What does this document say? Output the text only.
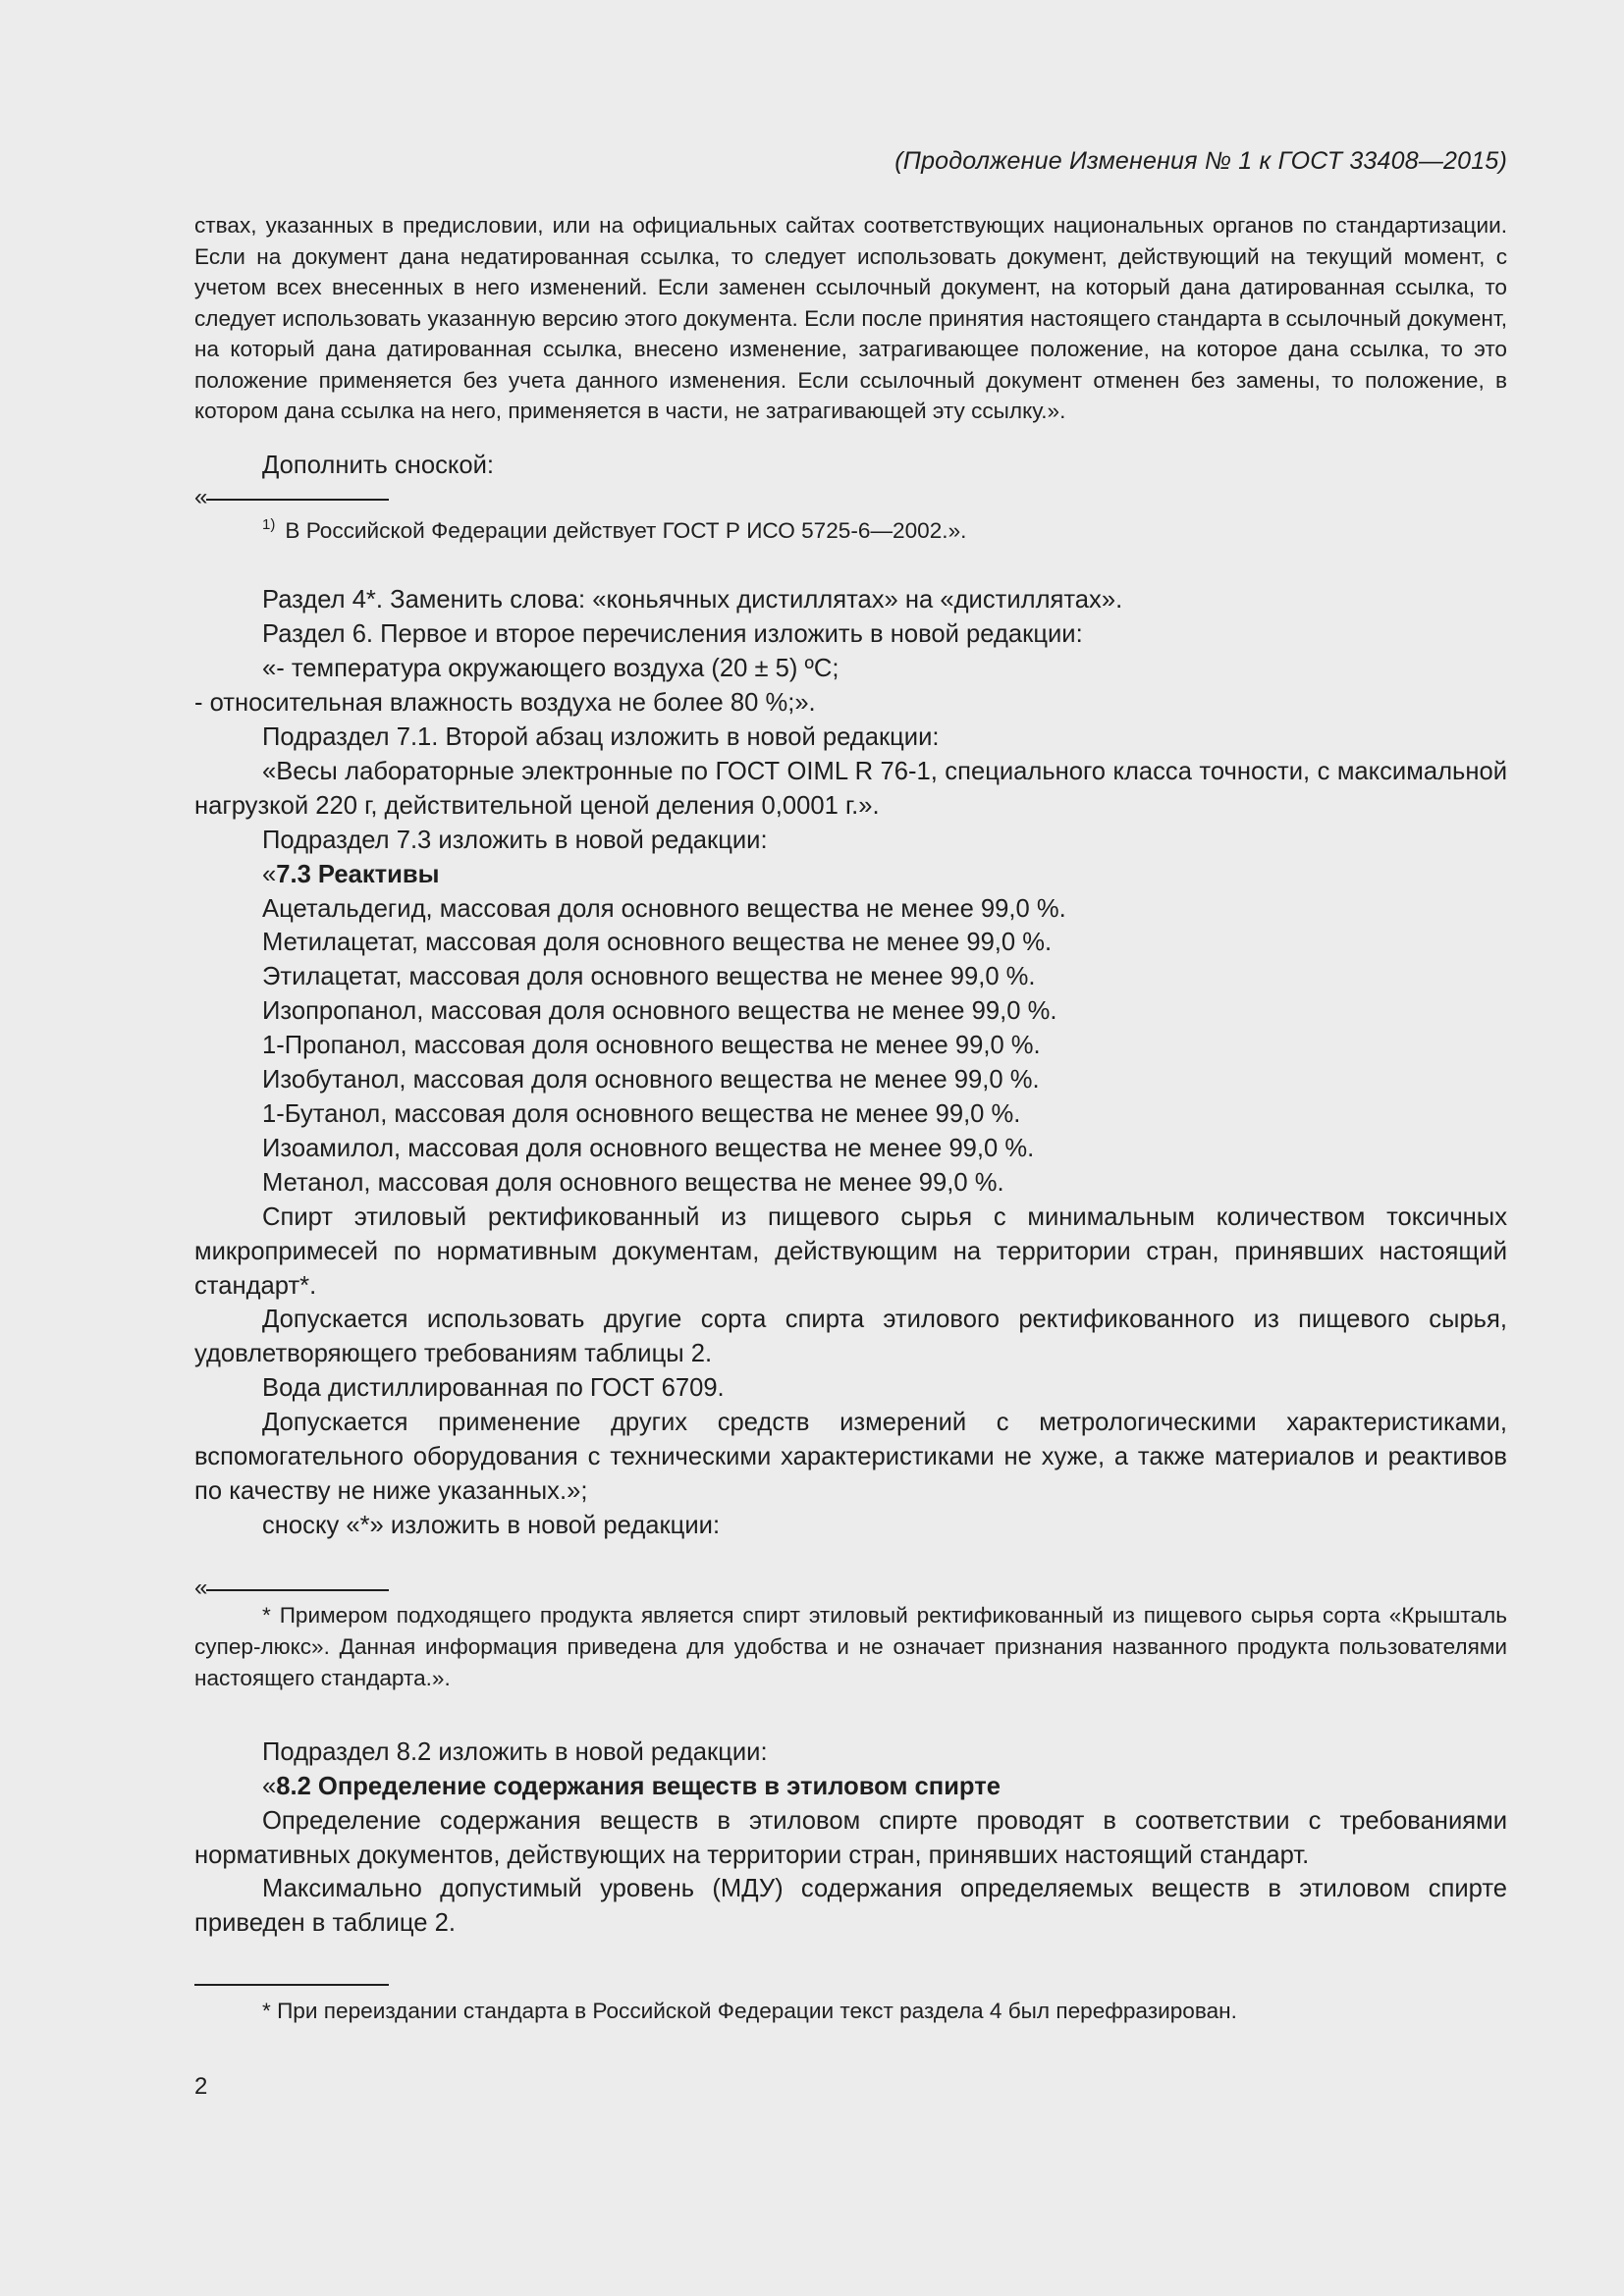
(Продолжение Изменения № 1 к ГОСТ 33408—2015)
ствах, указанных в предисловии, или на официальных сайтах соответствующих национальных органов по стандартизации. Если на документ дана недатированная ссылка, то следует использовать документ, действующий на текущий момент, с учетом всех внесенных в него изменений. Если заменен ссылочный документ, на который дана датированная ссылка, то следует использовать указанную версию этого документа. Если после принятия настоящего стандарта в ссылочный документ, на который дана датированная ссылка, внесено изменение, затрагивающее положение, на которое дана ссылка, то это положение применяется без учета данного изменения. Если ссылочный документ отменен без замены, то положение, в котором дана ссылка на него, применяется в части, не затрагивающей эту ссылку.».

Дополнить сноской:

«
$^{1)}$ В Российской Федерации действует ГОСТ Р ИСО 5725-6—2002.».

Раздел 4*. Заменить слова: «коньячных дистиллятах» на «дистиллятах».

Раздел 6. Первое и второе перечисления изложить в новой редакции:

«- температура окружающего воздуха (20 ± 5) ºС;

- относительная влажность воздуха не более 80 %;».

Подраздел 7.1. Второй абзац изложить в новой редакции:

«Весы лабораторные электронные по ГОСТ OIML R 76-1, специального класса точности, с максимальной нагрузкой 220 г, действительной ценой деления 0,0001 г.».

Подраздел 7.3 изложить в новой редакции:

«7.3 Реактивы

Ацетальдегид, массовая доля основного вещества не менее 99,0 %.

Метилацетат, массовая доля основного вещества не менее 99,0 %.

Этилацетат, массовая доля основного вещества не менее 99,0 %.

Изопропанол, массовая доля основного вещества не менее 99,0 %.

1-Пропанол, массовая доля основного вещества не менее 99,0 %.

Изобутанол, массовая доля основного вещества не менее 99,0 %.

1-Бутанол, массовая доля основного вещества не менее 99,0 %.

Изоамилол, массовая доля основного вещества не менее 99,0 %.

Метанол, массовая доля основного вещества не менее 99,0 %.

Спирт этиловый ректификованный из пищевого сырья с минимальным количеством токсичных микропримесей по нормативным документам, действующим на территории стран, принявших настоящий стандарт*.

Допускается использовать другие сорта спирта этилового ректификованного из пищевого сырья, удовлетворяющего требованиям таблицы 2.

Вода дистиллированная по ГОСТ 6709.

Допускается применение других средств измерений с метрологическими характеристиками, вспомогательного оборудования с техническими характеристиками не хуже, а также материалов и реактивов по качеству не ниже указанных.»;

сноску «*» изложить в новой редакции:

«
* Примером подходящего продукта является спирт этиловый ректификованный из пищевого сырья сорта «Крышталь супер-люкс». Данная информация приведена для удобства и не означает признания названного продукта пользователями настоящего стандарта.».

Подраздел 8.2 изложить в новой редакции:

«8.2 Определение содержания веществ в этиловом спирте

Определение содержания веществ в этиловом спирте проводят в соответствии с требованиями нормативных документов, действующих на территории стран, принявших настоящий стандарт.

Максимально допустимый уровень (МДУ) содержания определяемых веществ в этиловом спирте приведен в таблице 2.

* При переиздании стандарта в Российской Федерации текст раздела 4 был перефразирован.
2
